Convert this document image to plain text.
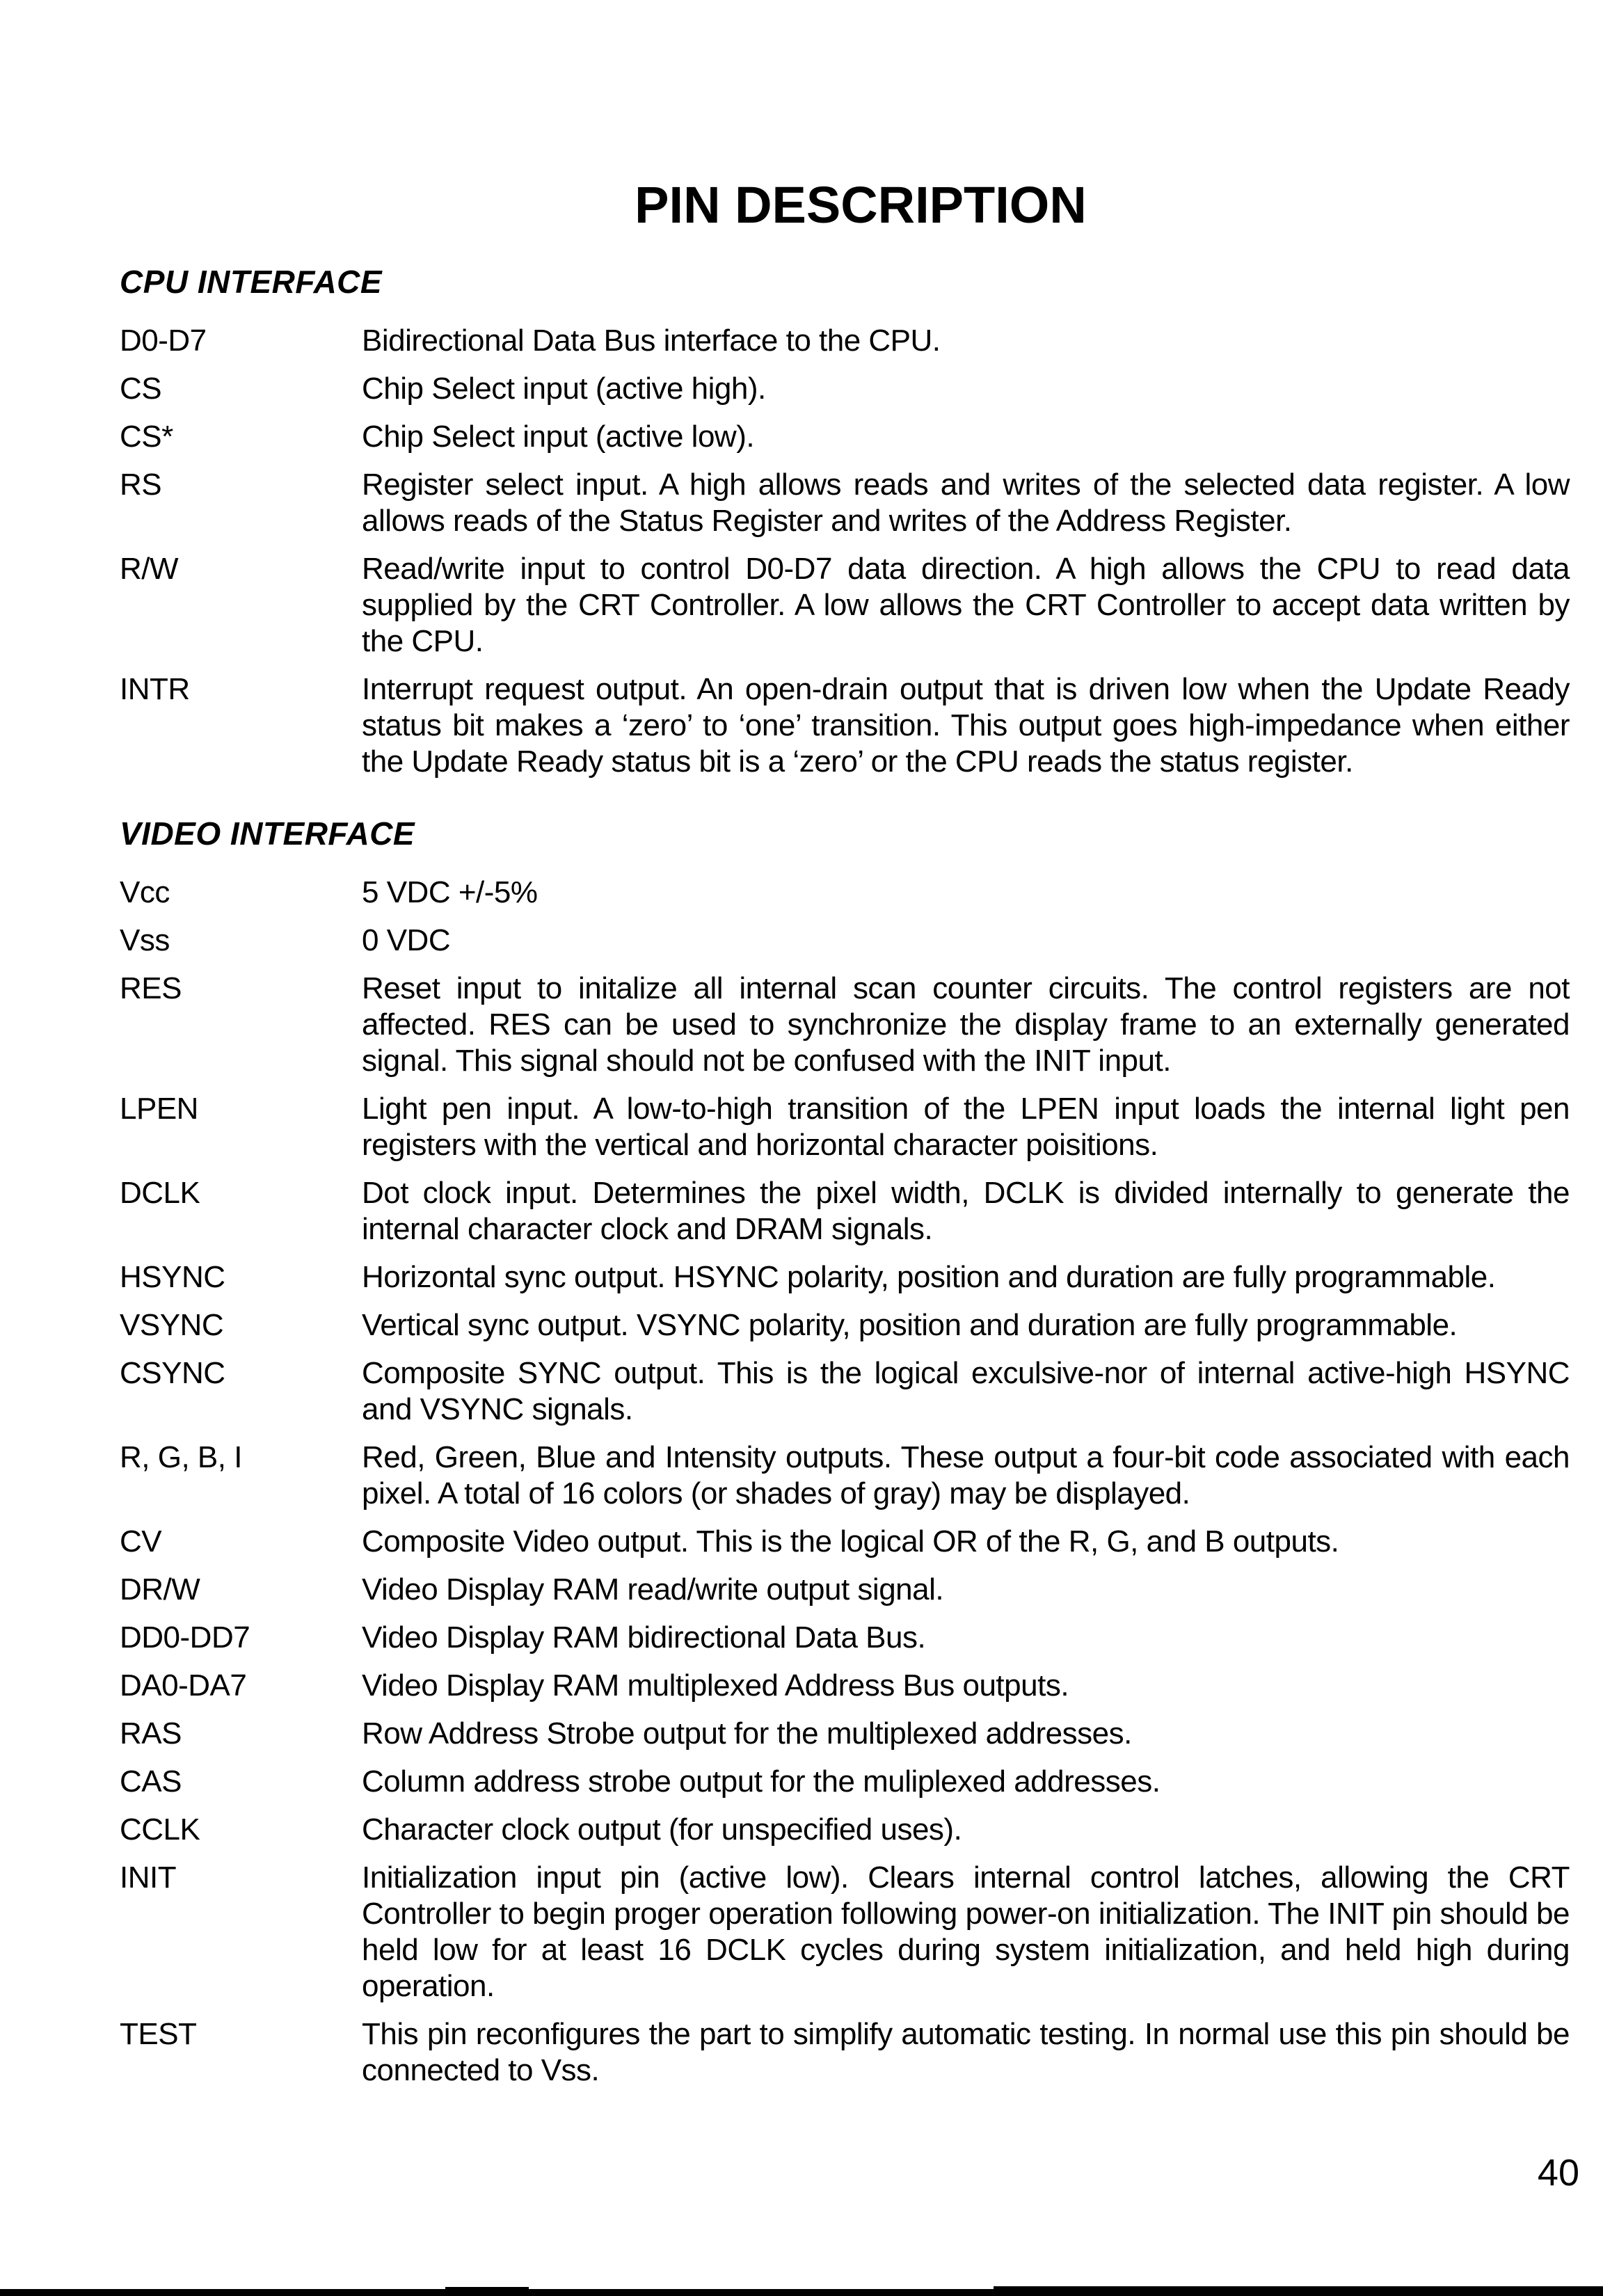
PIN DESCRIPTION
CPU INTERFACE
D0-D7	Bidirectional Data Bus interface to the CPU.
CS	Chip Select input (active high).
CS*	Chip Select input (active low).
RS	Register select input. A high allows reads and writes of the selected data register. A low allows reads of the Status Register and writes of the Address Register.
R/W	Read/write input to control D0-D7 data direction. A high allows the CPU to read data supplied by the CRT Controller. A low allows the CRT Controller to accept data written by the CPU.
INTR	Interrupt request output. An open-drain output that is driven low when the Update Ready status bit makes a ‘zero’ to ‘one’ transition. This output goes high-impedance when either the Update Ready status bit is a ‘zero’ or the CPU reads the status register.
VIDEO INTERFACE
Vcc	5 VDC +/-5%
Vss	0 VDC
RES	Reset input to initalize all internal scan counter circuits. The control registers are not affected. RES can be used to synchronize the display frame to an externally generated signal. This signal should not be confused with the INIT input.
LPEN	Light pen input. A low-to-high transition of the LPEN input loads the internal light pen registers with the vertical and horizontal character poisitions.
DCLK	Dot clock input. Determines the pixel width, DCLK is divided internally to generate the internal character clock and DRAM signals.
HSYNC	Horizontal sync output. HSYNC polarity, position and duration are fully programmable.
VSYNC	Vertical sync output. VSYNC polarity, position and duration are fully programmable.
CSYNC	Composite SYNC output. This is the logical exculsive-nor of internal active-high HSYNC and VSYNC signals.
R, G, B, I	Red, Green, Blue and Intensity outputs. These output a four-bit code associated with each pixel. A total of 16 colors (or shades of gray) may be displayed.
CV	Composite Video output. This is the logical OR of the R, G, and B outputs.
DR/W	Video Display RAM read/write output signal.
DD0-DD7	Video Display RAM bidirectional Data Bus.
DA0-DA7	Video Display RAM multiplexed Address Bus outputs.
RAS	Row Address Strobe output for the multiplexed addresses.
CAS	Column address strobe output for the muliplexed addresses.
CCLK	Character clock output (for unspecified uses).
INIT	Initialization input pin (active low). Clears internal control latches, allowing the CRT Controller to begin proger operation following power-on initialization. The INIT pin should be held low for at least 16 DCLK cycles during system initialization, and held high during operation.
TEST	This pin reconfigures the part to simplify automatic testing. In normal use this pin should be connected to Vss.
40
